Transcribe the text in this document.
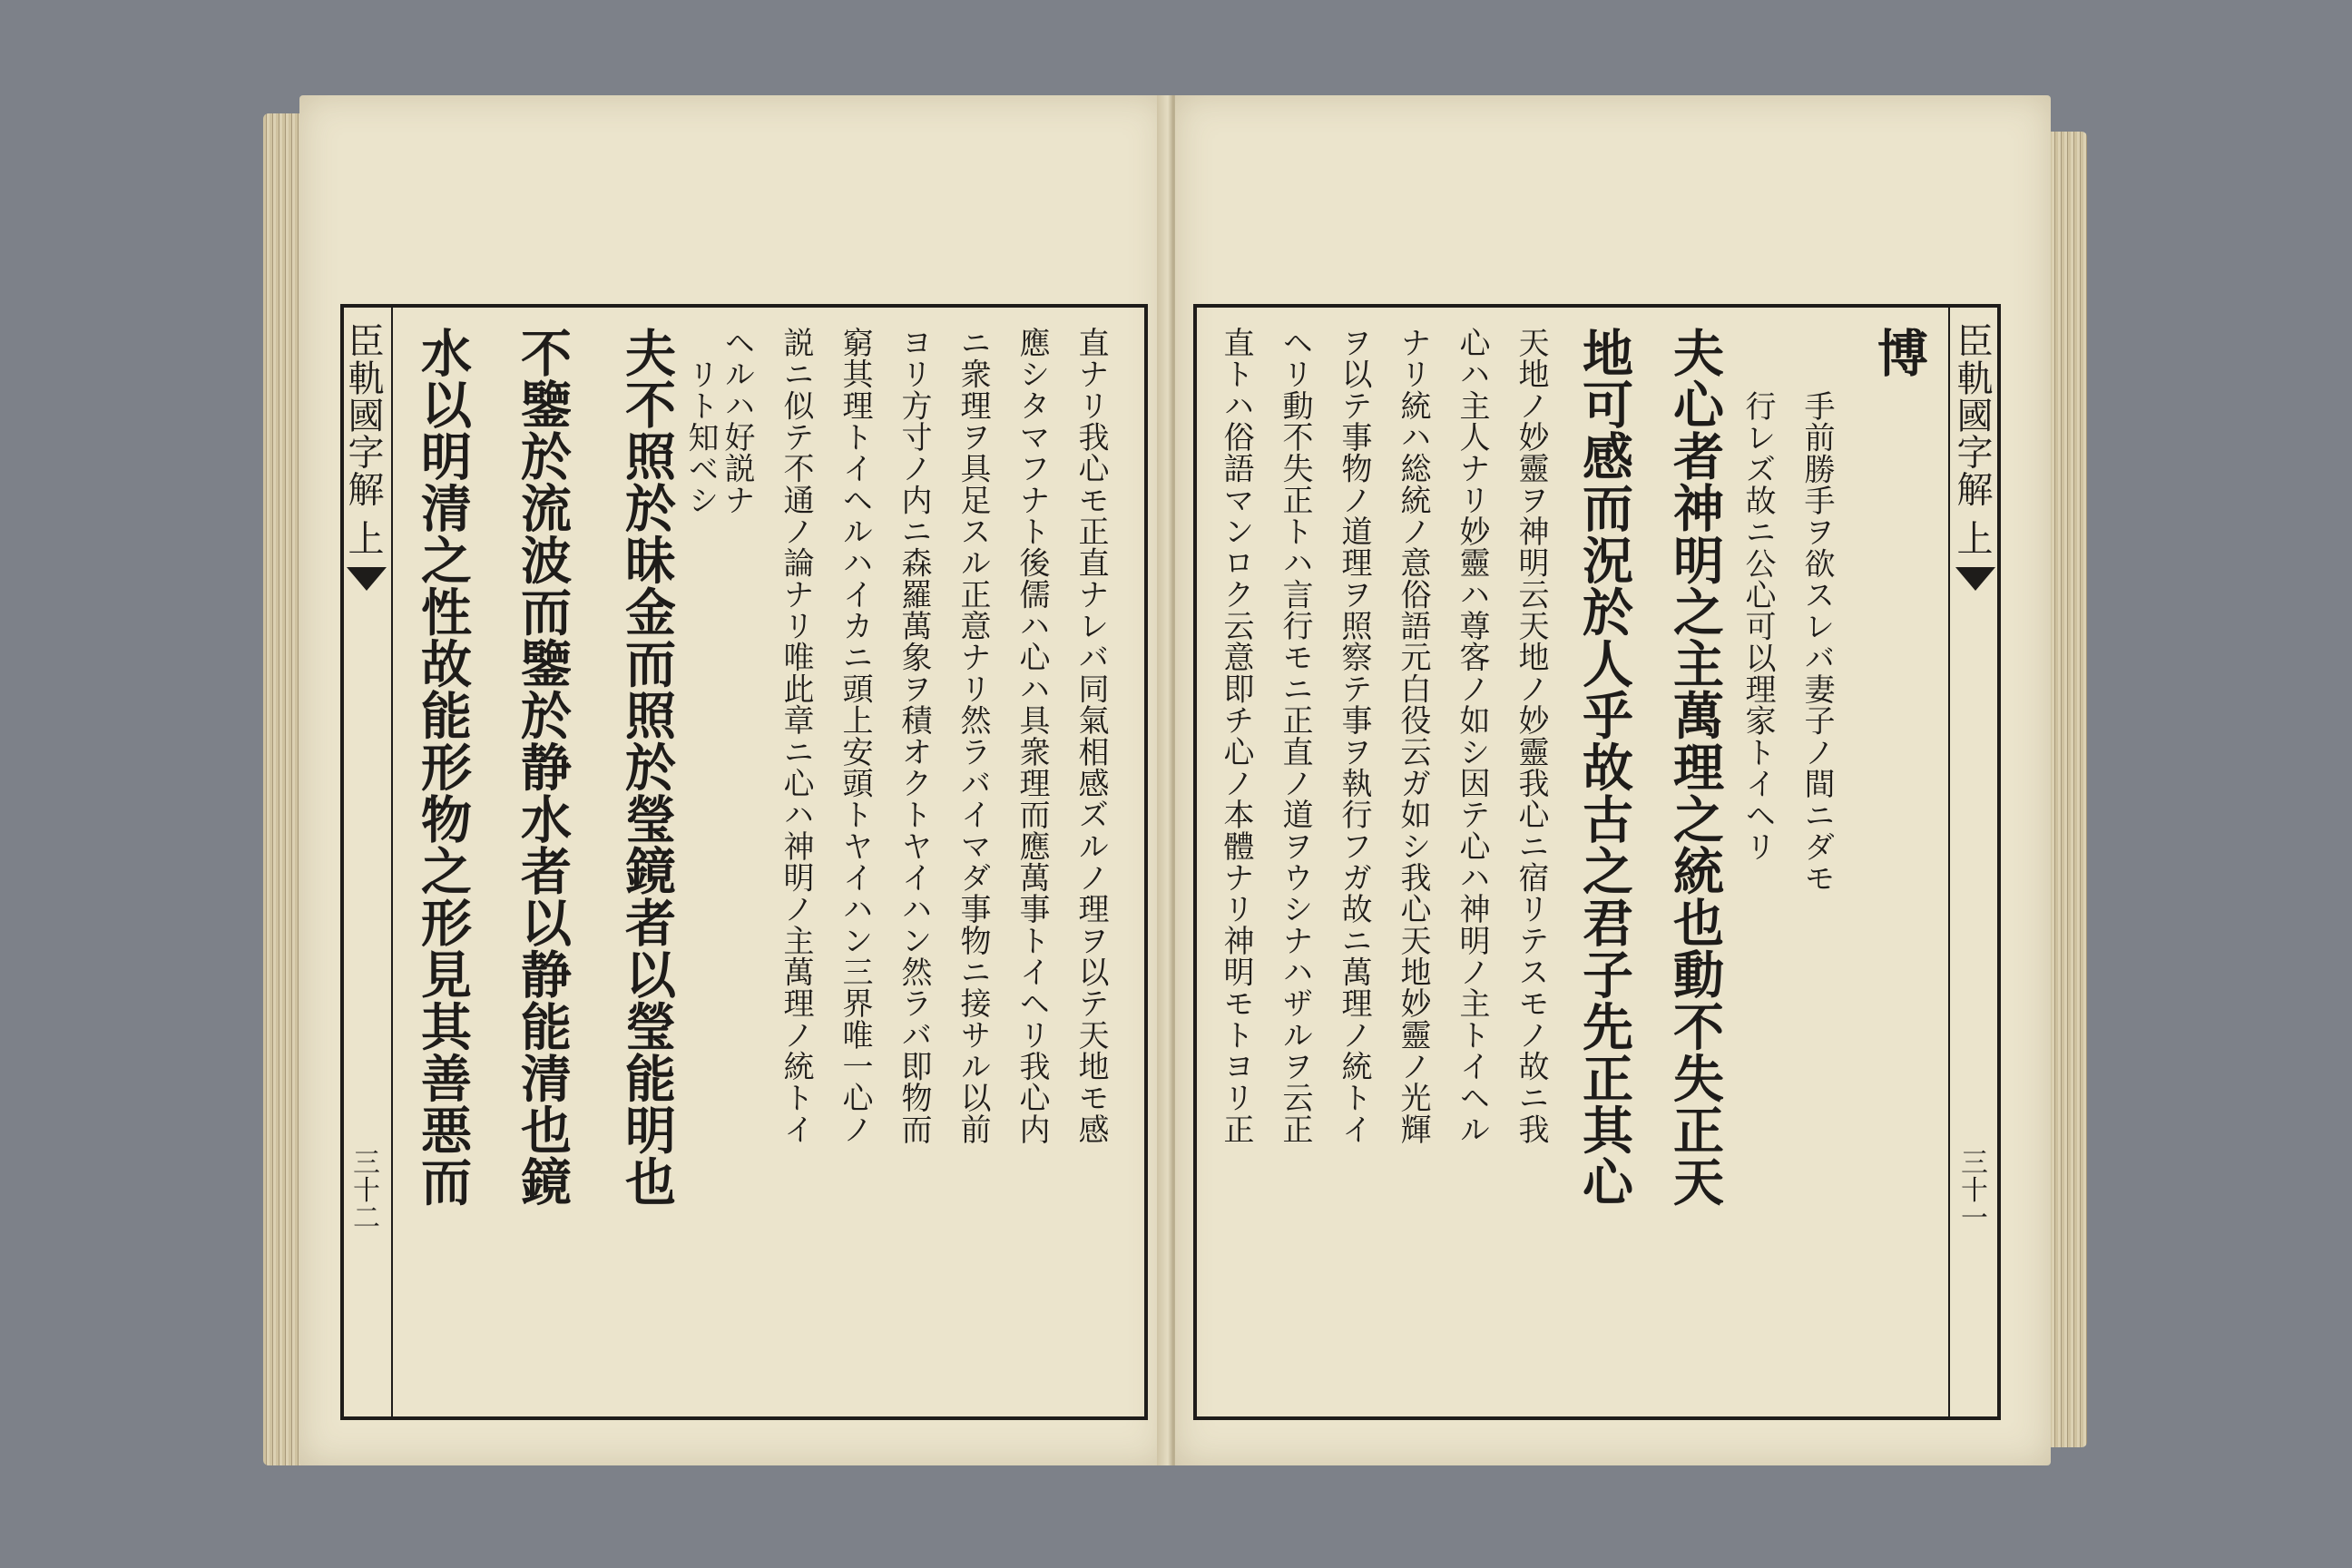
臣軌國字解 上
三十二	夫不照於昧金而照於瑩鏡者以瑩能明也
不鑒於流波而鑒於静水者以静能清也鏡
水以明清之性故能形物之形見其善悪而	直ナリ我心モ正直ナレバ同氣相感ズルノ理ヲ以テ天地モ感
應シタマフナト後儒ハ心ハ具衆理而應萬事トイヘリ我心内
ニ衆理ヲ具足スル正意ナリ然ラバイマダ事物ニ接サル以前
ヨリ方寸ノ内ニ森羅萬象ヲ積オクトヤイハン然ラバ即物而
窮其理トイヘルハイカニ頭上安頭トヤイハン三界唯一心ノ
説ニ似テ不通ノ論ナリ唯此章ニ心ハ神明ノ主萬理ノ統トイ
ヘルハ好説ナ
リト知ベシ	臣軌國字解 上
三十一
博
手前勝手ヲ欲スレバ妻子ノ間ニダモ
行レズ故ニ公心可以理家トイヘリ
夫心者神明之主萬理之統也動不失正天
地可感而況於人乎故古之君子先正其心
天地ノ妙靈ヲ神明云天地ノ妙靈我心ニ宿リテスモノ故ニ我
心ハ主人ナリ妙靈ハ尊客ノ如シ因テ心ハ神明ノ主トイヘル
ナリ統ハ総統ノ意俗語元白役云ガ如シ我心天地妙靈ノ光輝
ヲ以テ事物ノ道理ヲ照察テ事ヲ執行フガ故ニ萬理ノ統トイ
ヘリ動不失正トハ言行モニ正直ノ道ヲウシナハザルヲ云正
直トハ俗語マンロク云意即チ心ノ本體ナリ神明モトヨリ正
